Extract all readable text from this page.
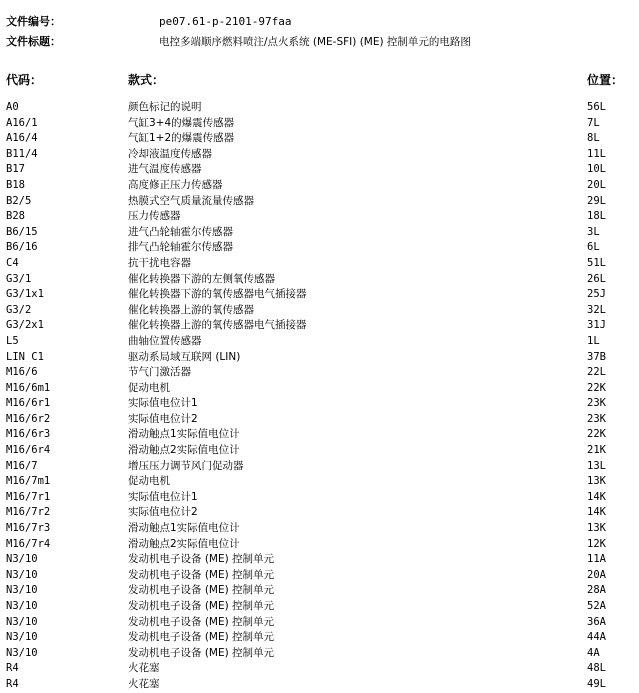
文件编号：	pe07.61-p-2101-97faa
文件标题：	电控多端顺序燃料喷注/点火系统 (ME-SFI) (ME) 控制单元的电路图
代码：	款式：	位置：
A0	颜色标记的说明	56L
A16/1	气缸3+4的爆震传感器	7L
A16/4	气缸1+2的爆震传感器	8L
B11/4	冷却液温度传感器	11L
B17	进气温度传感器	10L
B18	高度修正压力传感器	20L
B2/5	热膜式空气质量流量传感器	29L
B28	压力传感器	18L
B6/15	进气凸轮轴霍尔传感器	3L
B6/16	排气凸轮轴霍尔传感器	6L
C4	抗干扰电容器	51L
G3/1	催化转换器下游的左侧氧传感器	26L
G3/1x1	催化转换器下游的氧传感器电气插接器	25J
G3/2	催化转换器上游的氧传感器	32L
G3/2x1	催化转换器上游的氧传感器电气插接器	31J
L5	曲轴位置传感器	1L
LIN C1	驱动系局域互联网 (LIN)	37B
M16/6	节气门激活器	22L
M16/6m1	促动电机	22K
M16/6r1	实际值电位计1	23K
M16/6r2	实际值电位计2	23K
M16/6r3	滑动触点1实际值电位计	22K
M16/6r4	滑动触点2实际值电位计	21K
M16/7	增压压力调节风门促动器	13L
M16/7m1	促动电机	13K
M16/7r1	实际值电位计1	14K
M16/7r2	实际值电位计2	14K
M16/7r3	滑动触点1实际值电位计	13K
M16/7r4	滑动触点2实际值电位计	12K
N3/10	发动机电子设备 (ME) 控制单元	11A
N3/10	发动机电子设备 (ME) 控制单元	20A
N3/10	发动机电子设备 (ME) 控制单元	28A
N3/10	发动机电子设备 (ME) 控制单元	52A
N3/10	发动机电子设备 (ME) 控制单元	36A
N3/10	发动机电子设备 (ME) 控制单元	44A
N3/10	发动机电子设备 (ME) 控制单元	4A
R4	火花塞	48L
R4	火花塞	49L
